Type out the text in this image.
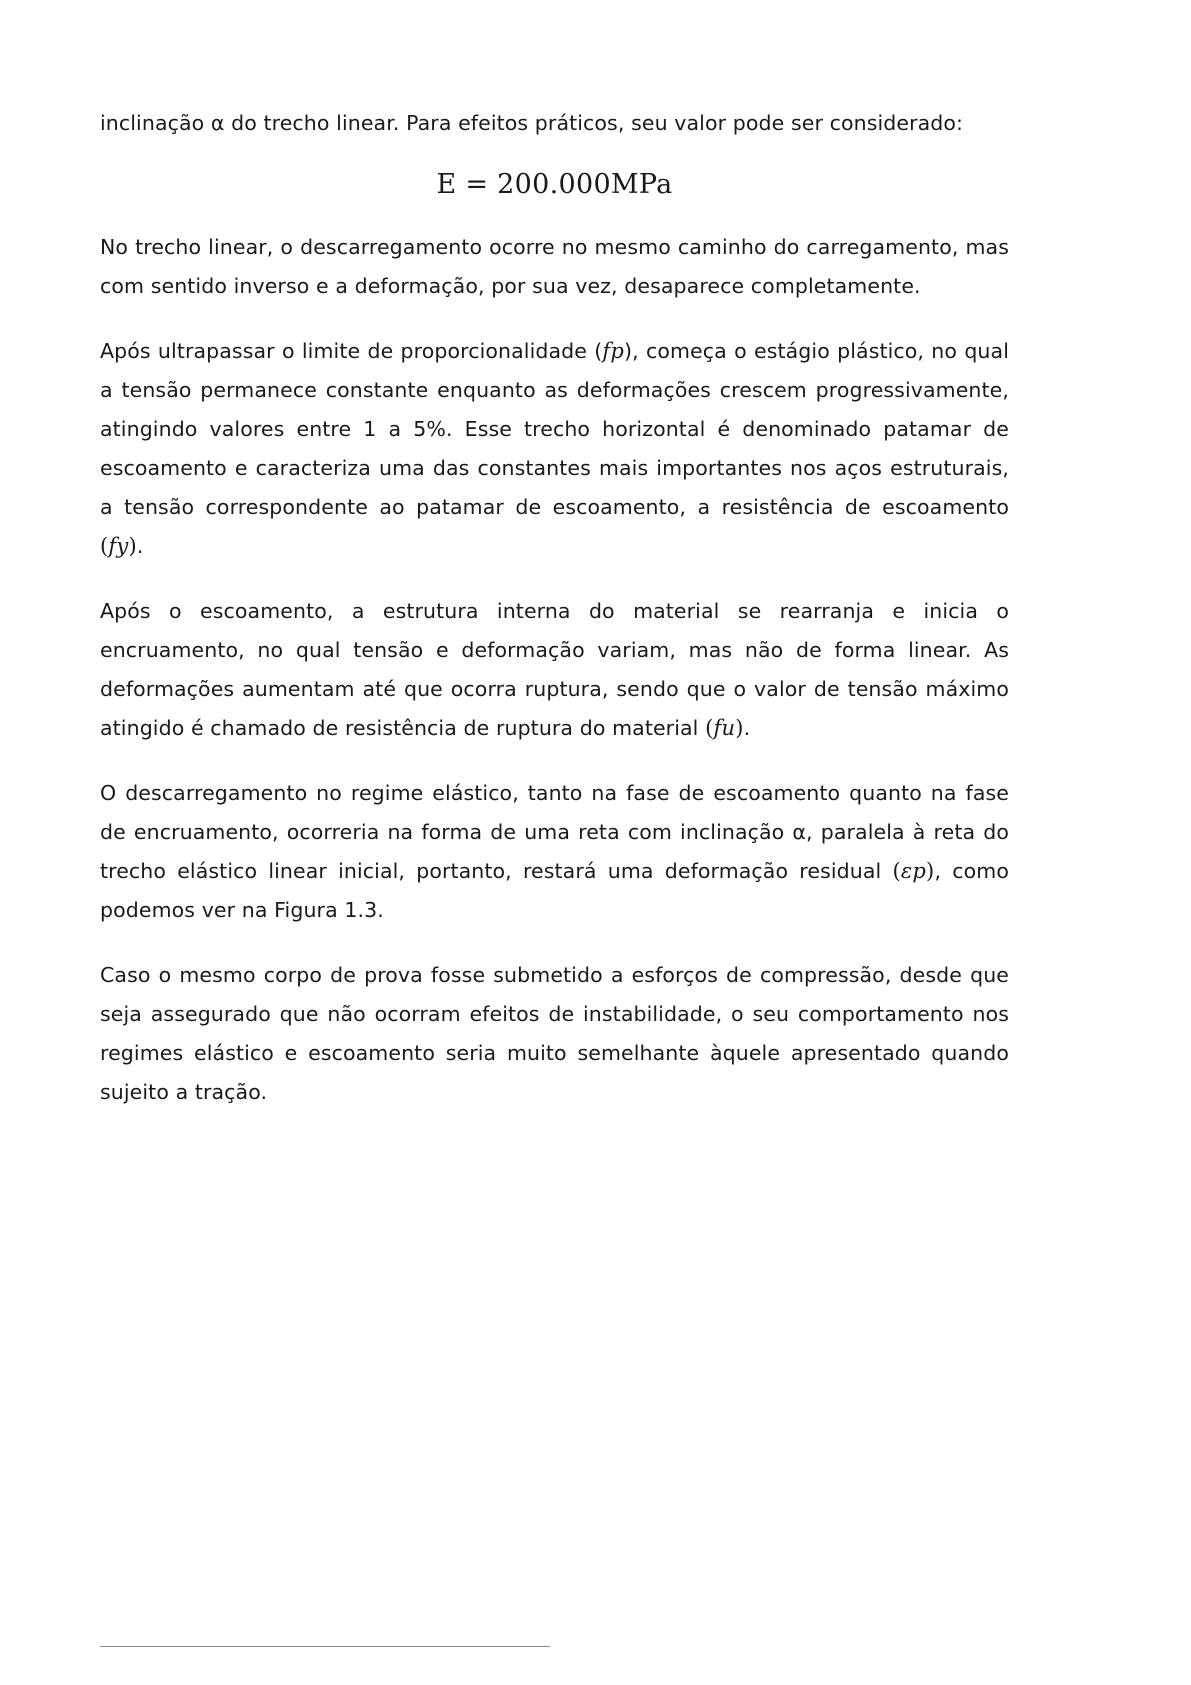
inclinação α do trecho linear. Para efeitos práticos, seu valor pode ser considerado:

E = 200.000MPa

No trecho linear, o descarregamento ocorre no mesmo caminho do carregamento, mas com sentido inverso e a deformação, por sua vez, desaparece completamente.

Após ultrapassar o limite de proporcionalidade (fp), começa o estágio plástico, no qual a tensão permanece constante enquanto as deformações crescem progressivamente, atingindo valores entre 1 a 5%. Esse trecho horizontal é denominado patamar de escoamento e caracteriza uma das constantes mais importantes nos aços estruturais, a tensão correspondente ao patamar de escoamento, a resistência de escoamento (fy).

Após o escoamento, a estrutura interna do material se rearranja e inicia o encruamento, no qual tensão e deformação variam, mas não de forma linear. As deformações aumentam até que ocorra ruptura, sendo que o valor de tensão máximo atingido é chamado de resistência de ruptura do material (fu).

O descarregamento no regime elástico, tanto na fase de escoamento quanto na fase de encruamento, ocorreria na forma de uma reta com inclinação α, paralela à reta do trecho elástico linear inicial, portanto, restará uma deformação residual (εp), como podemos ver na Figura 1.3.

Caso o mesmo corpo de prova fosse submetido a esforços de compressão, desde que seja assegurado que não ocorram efeitos de instabilidade, o seu comportamento nos regimes elástico e escoamento seria muito semelhante àquele apresentado quando sujeito a tração.
